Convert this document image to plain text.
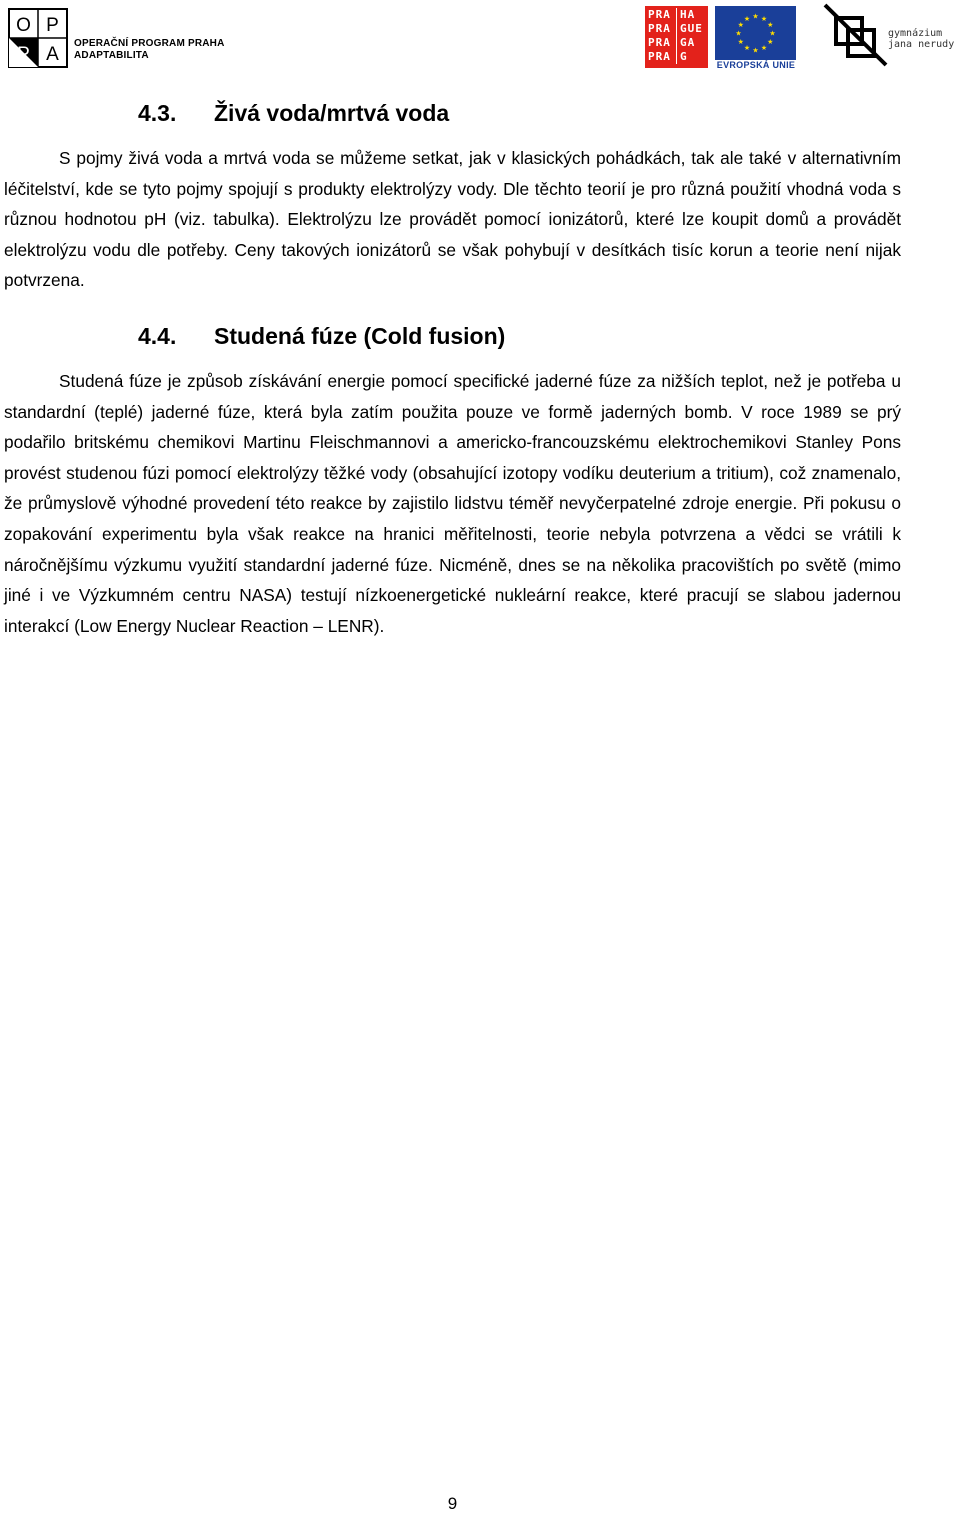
O P
P A
OPERAČNÍ PROGRAM PRAHA
ADAPTABILITA
PRA HA
PRA GUE
PRA GA
PRA G
★ ★
★
★
★
★
★
★
★
★
★
★
EVROPSKÁ UNIE
gymnázium
jana nerudy
4.3.	Živá voda/mrtvá voda

S pojmy živá voda a mrtvá voda se můžeme setkat, jak v klasických pohádkách, tak ale také v alternativním léčitelství, kde se tyto pojmy spojují s produkty elektrolýzy vody. Dle těchto teorií je pro různá použití vhodná voda s různou hodnotou pH (viz. tabulka). Elektrolýzu lze provádět pomocí ionizátorů, které lze koupit domů a provádět elektrolýzu vodu dle potřeby. Ceny takových ionizátorů se však pohybují v desítkách tisíc korun a teorie není nijak potvrzena.

4.4.	Studená fúze (Cold fusion)

Studená fúze je způsob získávání energie pomocí specifické jaderné fúze za nižších teplot, než je potřeba u standardní (teplé) jaderné fúze, která byla zatím použita pouze ve formě jaderných bomb. V roce 1989 se prý podařilo britskému chemikovi Martinu Fleischmannovi a americko-francouzskému elektrochemikovi Stanley Pons provést studenou fúzi pomocí elektrolýzy těžké vody (obsahující izotopy vodíku deuterium a tritium), což znamenalo, že průmyslově výhodné provedení této reakce by zajistilo lidstvu téměř nevyčerpatelné zdroje energie. Při pokusu o zopakování experimentu byla však reakce na hranici měřitelnosti, teorie nebyla potvrzena a vědci se vrátili k náročnějšímu výzkumu využití standardní jaderné fúze. Nicméně, dnes se na několika pracovištích po světě (mimo jiné i ve Výzkumném centru NASA) testují nízkoenergetické nukleární reakce, které pracují se slabou jadernou interakcí (Low Energy Nuclear Reaction – LENR).

9
